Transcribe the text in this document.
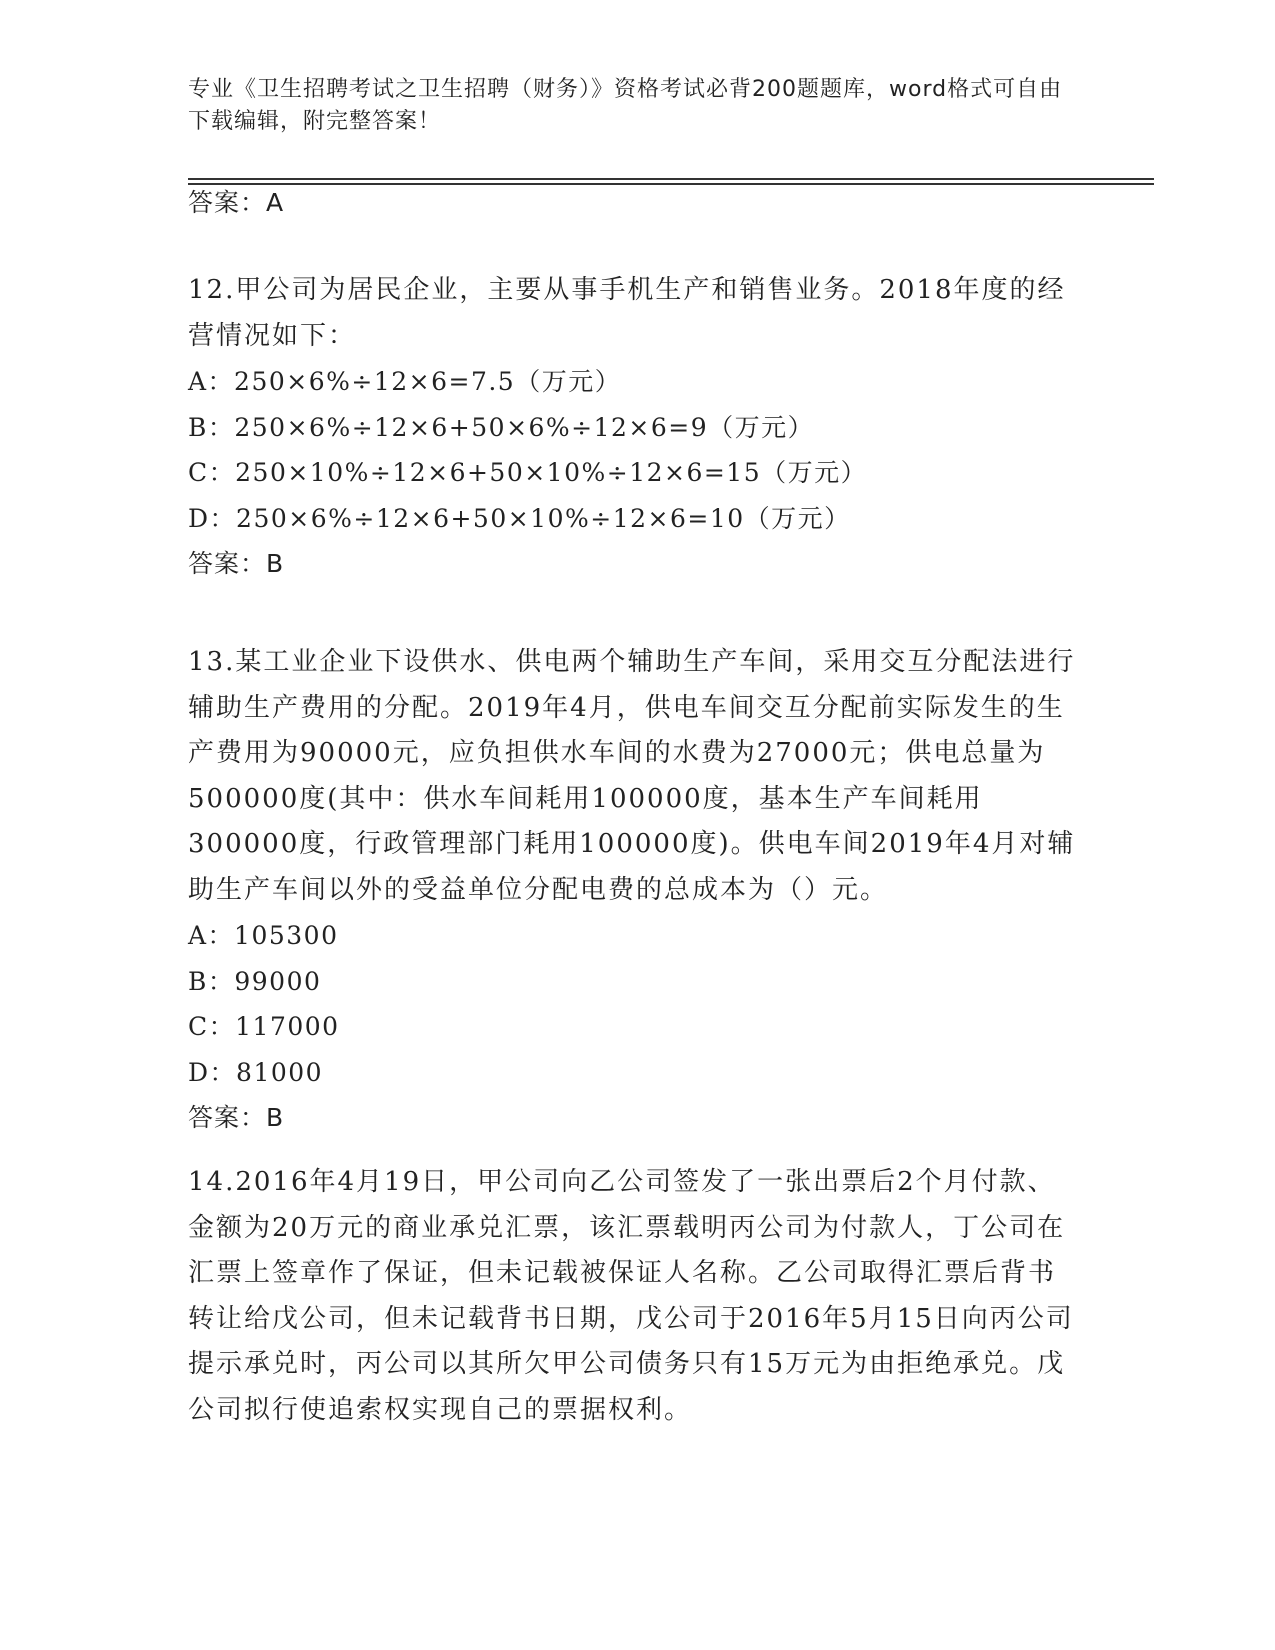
专业《卫生招聘考试之卫生招聘（财务）》资格考试必背200题题库，word格式可自由下载编辑，附完整答案！
答案：A
12.甲公司为居民企业，主要从事手机生产和销售业务。2018年度的经营情况如下：
A：250×6%÷12×6=7.5（万元）
B：250×6%÷12×6+50×6%÷12×6=9（万元）
C：250×10%÷12×6+50×10%÷12×6=15（万元）
D：250×6%÷12×6+50×10%÷12×6=10（万元）
答案：B
13.某工业企业下设供水、供电两个辅助生产车间，采用交互分配法进行辅助生产费用的分配。2019年4月，供电车间交互分配前实际发生的生产费用为90000元，应负担供水车间的水费为27000元；供电总量为500000度(其中：供水车间耗用100000度，基本生产车间耗用300000度，行政管理部门耗用100000度)。供电车间2019年4月对辅助生产车间以外的受益单位分配电费的总成本为（）元。
A：105300
B：99000
C：117000
D：81000
答案：B
14.2016年4月19日，甲公司向乙公司签发了一张出票后2个月付款、金额为20万元的商业承兑汇票，该汇票载明丙公司为付款人，丁公司在汇票上签章作了保证，但未记载被保证人名称。乙公司取得汇票后背书转让给戊公司，但未记载背书日期，戊公司于2016年5月15日向丙公司提示承兑时，丙公司以其所欠甲公司债务只有15万元为由拒绝承兑。戊公司拟行使追索权实现自己的票据权利。
